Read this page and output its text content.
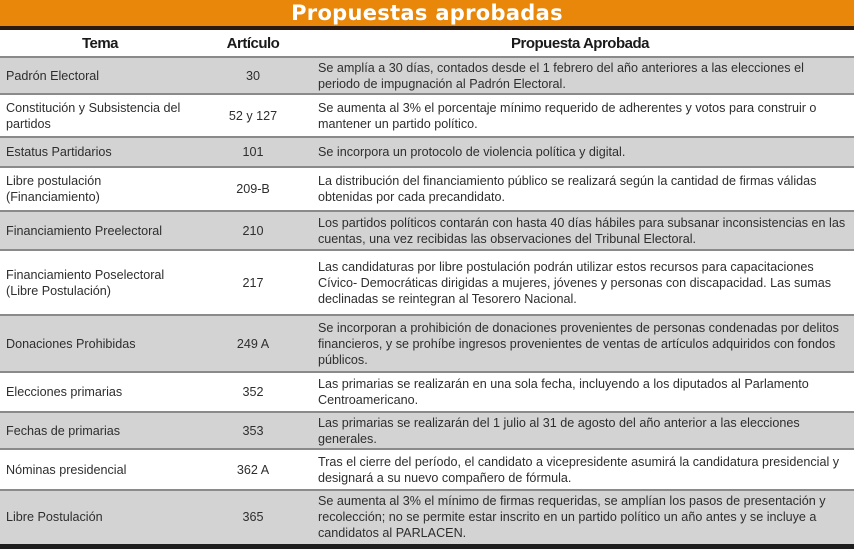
Propuestas aprobadas
Tema	Artículo	Propuesta Aprobada
Padrón Electoral	30	Se amplía a 30 días, contados desde el 1 febrero del año anteriores a las elecciones el periodo de impugnación al Padrón Electoral.
Constitución y Subsistencia del partidos	52 y 127	Se aumenta al 3% el porcentaje mínimo requerido de adherentes y votos para construir o mantener un partido político.
Estatus Partidarios	101	Se incorpora un protocolo de violencia política y digital.
Libre postulación (Financiamiento)	209-B	La distribución del financiamiento público se realizará según la cantidad de firmas válidas obtenidas por cada precandidato.
Financiamiento Preelectoral	210	Los partidos políticos contarán con hasta 40 días hábiles para subsanar inconsistencias en las cuentas, una vez recibidas las observaciones del Tribunal Electoral.
Financiamiento Poselectoral (Libre Postulación)	217	Las candidaturas por libre postulación podrán utilizar estos recursos para capacitaciones Cívico- Democráticas dirigidas a mujeres, jóvenes y personas con discapacidad. Las sumas declinadas se reintegran al Tesorero Nacional.
Donaciones Prohibidas	249 A	Se incorporan a prohibición de donaciones provenientes de personas condenadas por delitos financieros, y se prohíbe ingresos provenientes de ventas de artículos adquiridos con fondos públicos.
Elecciones primarias	352	Las primarias se realizarán en una sola fecha, incluyendo a los diputados al Parlamento Centroamericano.
Fechas de primarias	353	Las primarias se realizarán del 1 julio al 31 de agosto del año anterior a las elecciones generales.
Nóminas presidencial	362 A	Tras el cierre del período, el candidato a vicepresidente asumirá la candidatura presidencial y designará a su nuevo compañero de fórmula.
Libre Postulación	365	Se aumenta al 3% el mínimo de firmas requeridas, se amplían los pasos de presentación y recolección; no se permite estar inscrito en un partido político un año antes y se incluye a candidatos al PARLACEN.
